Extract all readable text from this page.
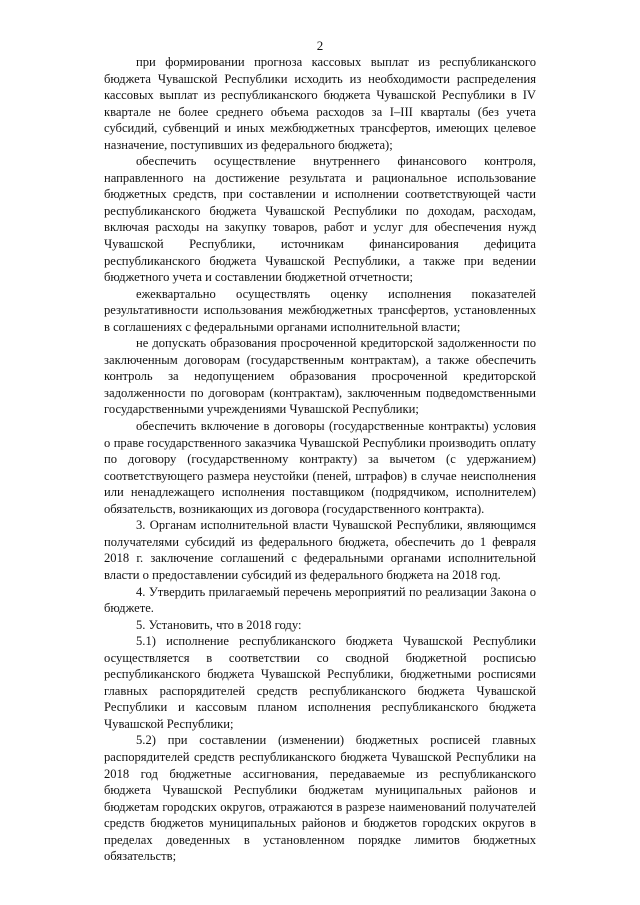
2

при формировании прогноза кассовых выплат из республиканского бюджета Чувашской Республики исходить из необходимости распределения кассовых выплат из республиканского бюджета Чувашской Республики в IV квартале не более среднего объема расходов за I–III кварталы (без учета субсидий, субвенций и иных межбюджетных трансфертов, имеющих целевое назначение, поступивших из федерального бюджета);

обеспечить осуществление внутреннего финансового контроля, направленного на достижение результата и рациональное использование бюджетных средств, при составлении и исполнении соответствующей части республиканского бюджета Чувашской Республики по доходам, расходам, включая расходы на закупку товаров, работ и услуг для обеспечения нужд Чувашской Республики, источникам финансирования дефицита республиканского бюджета Чувашской Республики, а также при ведении бюджетного учета и составлении бюджетной отчетности;

ежеквартально осуществлять оценку исполнения показателей результативности использования межбюджетных трансфертов, установленных в соглашениях с федеральными органами исполнительной власти;

не допускать образования просроченной кредиторской задолженности по заключенным договорам (государственным контрактам), а также обеспечить контроль за недопущением образования просроченной кредиторской задолженности по договорам (контрактам), заключенным подведомственными государственными учреждениями Чувашской Республики;

обеспечить включение в договоры (государственные контракты) условия о праве государственного заказчика Чувашской Республики производить оплату по договору (государственному контракту) за вычетом (с удержанием) соответствующего размера неустойки (пеней, штрафов) в случае неисполнения или ненадлежащего исполнения поставщиком (подрядчиком, исполнителем) обязательств, возникающих из договора (государственного контракта).

3. Органам исполнительной власти Чувашской Республики, являющимся получателями субсидий из федерального бюджета, обеспечить до 1 февраля 2018 г. заключение соглашений с федеральными органами исполнительной власти о предоставлении субсидий из федерального бюджета на 2018 год.

4. Утвердить прилагаемый перечень мероприятий по реализации Закона о бюджете.

5. Установить, что в 2018 году:

5.1) исполнение республиканского бюджета Чувашской Республики осуществляется в соответствии со сводной бюджетной росписью республиканского бюджета Чувашской Республики, бюджетными росписями главных распорядителей средств республиканского бюджета Чувашской Республики и кассовым планом исполнения республиканского бюджета Чувашской Республики;

5.2) при составлении (изменении) бюджетных росписей главных распорядителей средств республиканского бюджета Чувашской Республики на 2018 год бюджетные ассигнования, передаваемые из республиканского бюджета Чувашской Республики бюджетам муниципальных районов и бюджетам городских округов, отражаются в разрезе наименований получателей средств бюджетов муниципальных районов и бюджетов городских округов в пределах доведенных в установленном порядке лимитов бюджетных обязательств;
